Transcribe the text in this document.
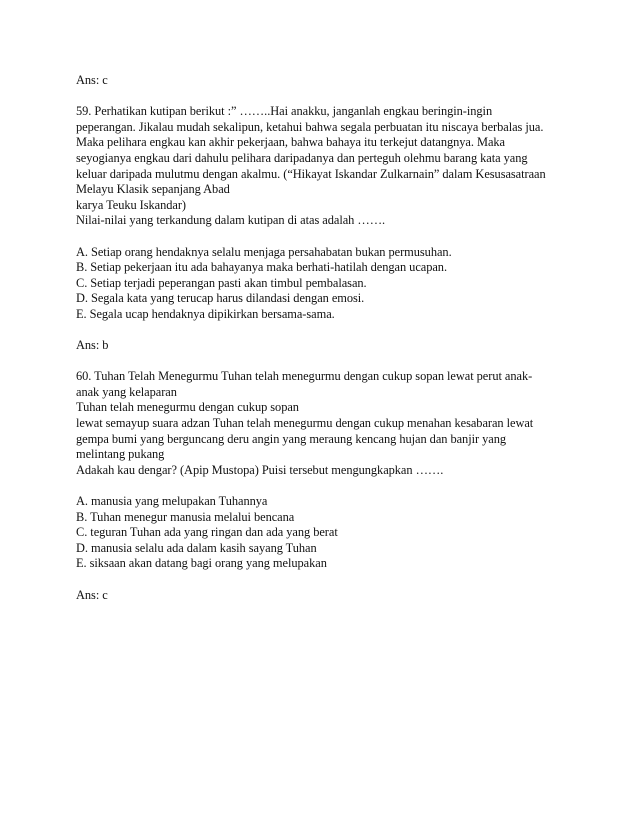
Ans: c
59. Perhatikan kutipan berikut :” ……..Hai anakku, janganlah engkau beringin-ingin
peperangan. Jikalau mudah sekalipun, ketahui bahwa segala perbuatan itu niscaya berbalas jua.
Maka pelihara engkau kan akhir pekerjaan, bahwa bahaya itu terkejut datangnya. Maka
seyogianya engkau dari dahulu pelihara daripadanya dan perteguh olehmu barang kata yang
keluar daripada mulutmu dengan akalmu. (“Hikayat Iskandar Zulkarnain” dalam Kesusasatraan
Melayu Klasik sepanjang Abad
karya Teuku Iskandar)
Nilai-nilai yang terkandung dalam kutipan di atas adalah …….
A. Setiap orang hendaknya selalu menjaga persahabatan bukan permusuhan.
B. Setiap pekerjaan itu ada bahayanya maka berhati-hatilah dengan ucapan.
C. Setiap terjadi peperangan pasti akan timbul pembalasan.
D. Segala kata yang terucap harus dilandasi dengan emosi.
E. Segala ucap hendaknya dipikirkan bersama-sama.
Ans: b
60. Tuhan Telah Menegurmu Tuhan telah menegurmu dengan cukup sopan lewat perut anak-
anak yang kelaparan
Tuhan telah menegurmu dengan cukup sopan
lewat semayup suara adzan Tuhan telah menegurmu dengan cukup menahan kesabaran lewat
gempa bumi yang berguncang deru angin yang meraung kencang hujan dan banjir yang
melintang pukang
Adakah kau dengar? (Apip Mustopa) Puisi tersebut mengungkapkan …….
A. manusia yang melupakan Tuhannya
B. Tuhan menegur manusia melalui bencana
C. teguran Tuhan ada yang ringan dan ada yang berat
D. manusia selalu ada dalam kasih sayang Tuhan
E. siksaan akan datang bagi orang yang melupakan
Ans: c
